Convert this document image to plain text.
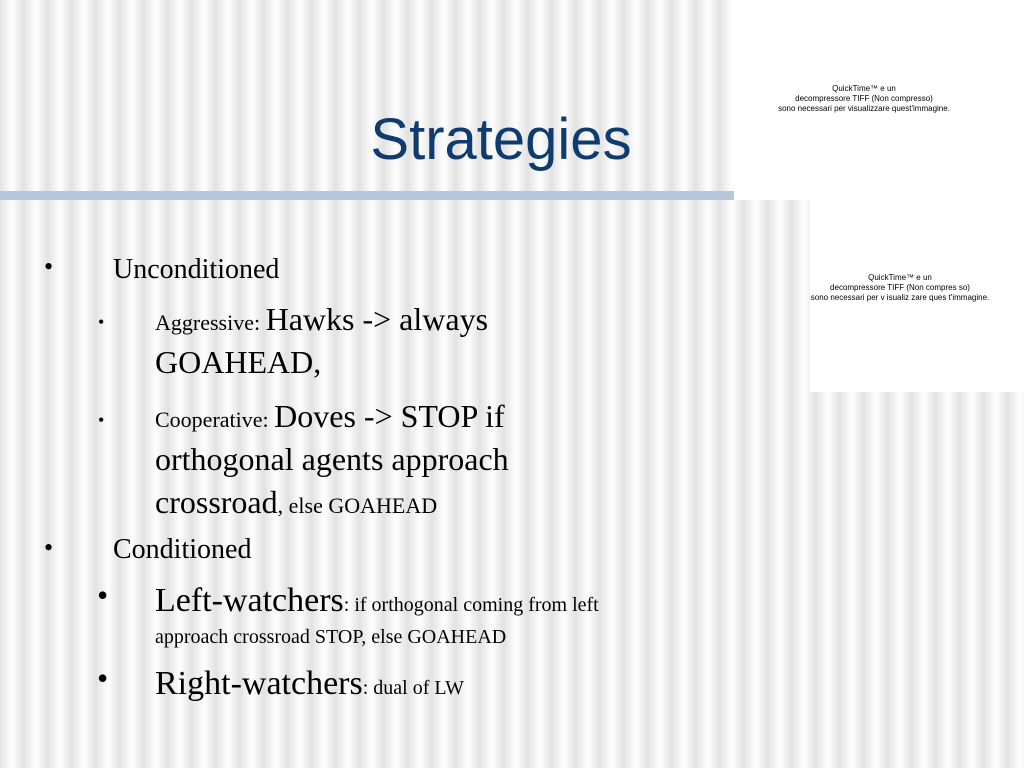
QuickTime™ e un
decompressore TIFF (Non compresso)
sono necessari per visualizzare quest'immagine.
QuickTime™ e un
decompressore TIFF (Non compres so)
sono necessari per v isualiz zare ques t'immagine.
Strategies
• Unconditioned
• Aggressive: Hawks -> always
GOAHEAD,
• Cooperative: Doves -> STOP if
orthogonal agents approach
crossroad, else GOAHEAD
• Conditioned
• Left-watchers: if orthogonal coming from left
approach crossroad STOP, else GOAHEAD
• Right-watchers: dual of LW
